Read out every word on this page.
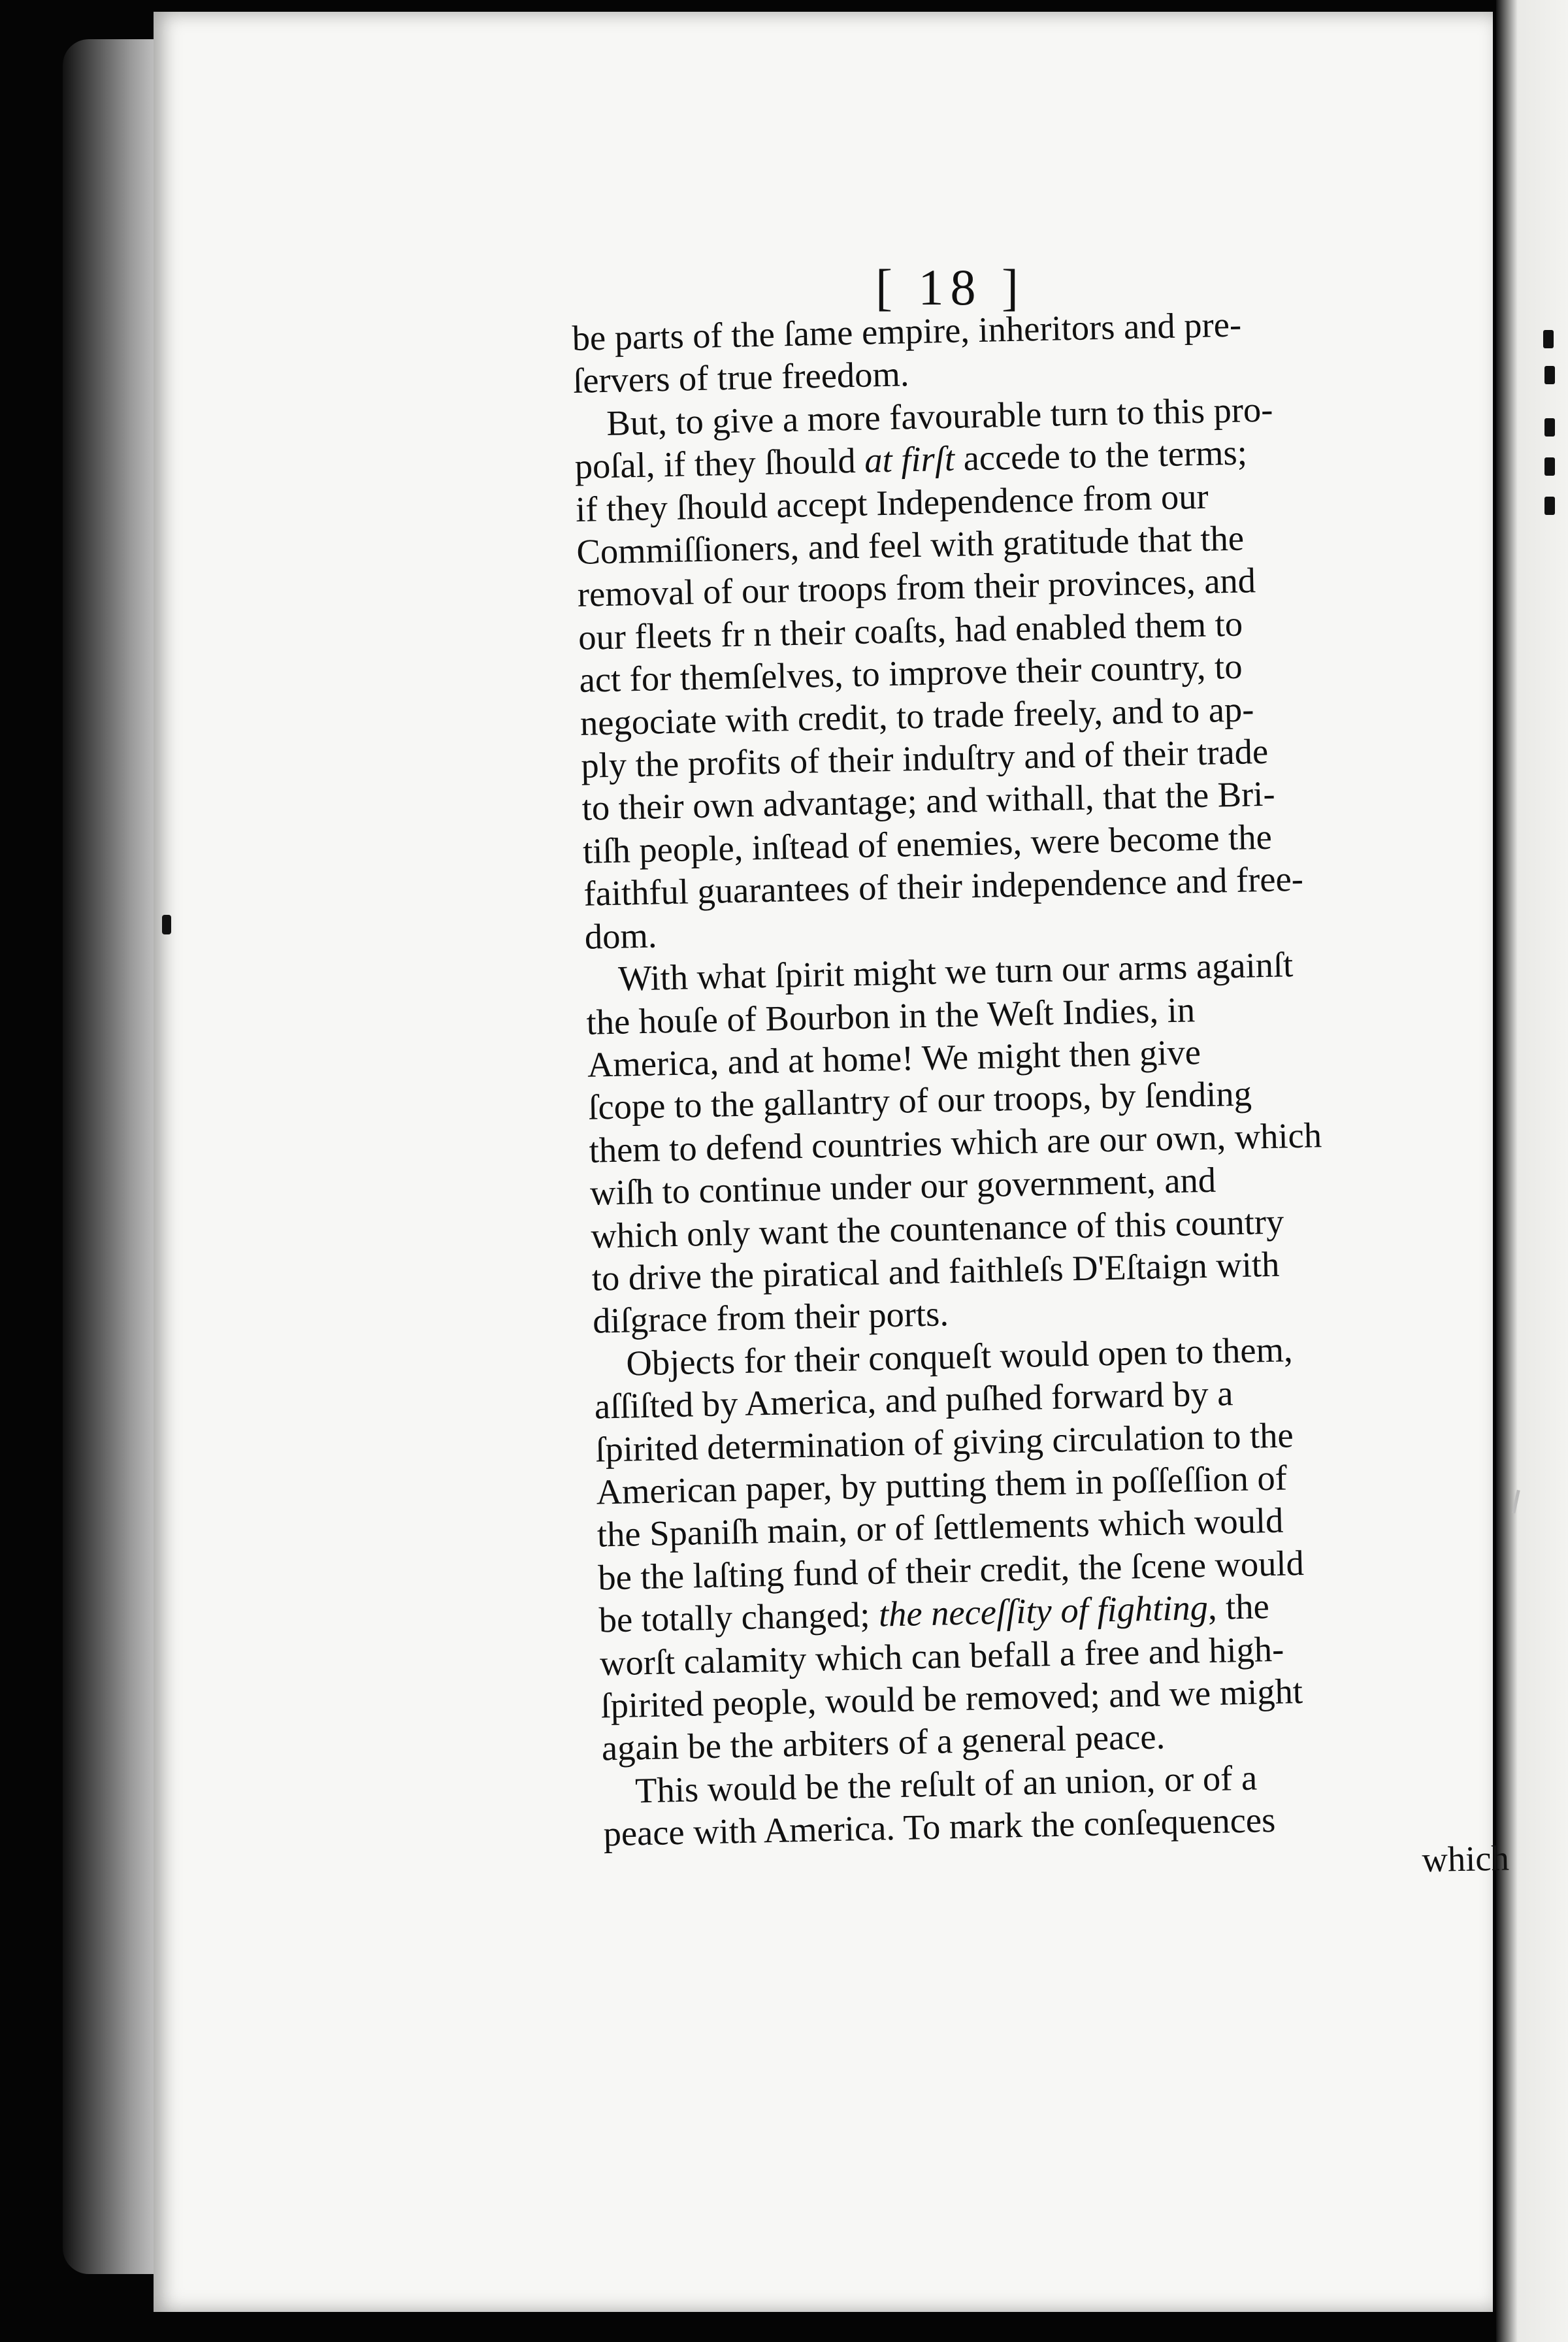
[ 18 ]
be parts of the ſame empire, inheritors and pre-
ſervers of true freedom.
But, to give a more favourable turn to this pro-
poſal, if they ſhould at firſt accede to the terms;
if they ſhould accept Independence from our
Commiſſioners, and feel with gratitude that the
removal of our troops from their provinces, and
our fleets fr n their coaſts, had enabled them to
act for themſelves, to improve their country, to
negociate with credit, to trade freely, and to ap-
ply the profits of their induſtry and of their trade
to their own advantage; and withall, that the Bri-
tiſh people, inſtead of enemies, were become the
faithful guarantees of their independence and free-
dom.
With what ſpirit might we turn our arms againſt
the houſe of Bourbon in the Weſt Indies, in
America, and at home! We might then give
ſcope to the gallantry of our troops, by ſending
them to defend countries which are our own, which
wiſh to continue under our government, and
which only want the countenance of this country
to drive the piratical and faithleſs D'Eſtaign with
diſgrace from their ports.
Objects for their conqueſt would open to them,
aſſiſted by America, and puſhed forward by a
ſpirited determination of giving circulation to the
American paper, by putting them in poſſeſſion of
the Spaniſh main, or of ſettlements which would
be the laſting fund of their credit, the ſcene would
be totally changed; the neceſſity of fighting, the
worſt calamity which can befall a free and high-
ſpirited people, would be removed; and we might
again be the arbiters of a general peace.
This would be the reſult of an union, or of a
peace with America. To mark the conſequences
which
